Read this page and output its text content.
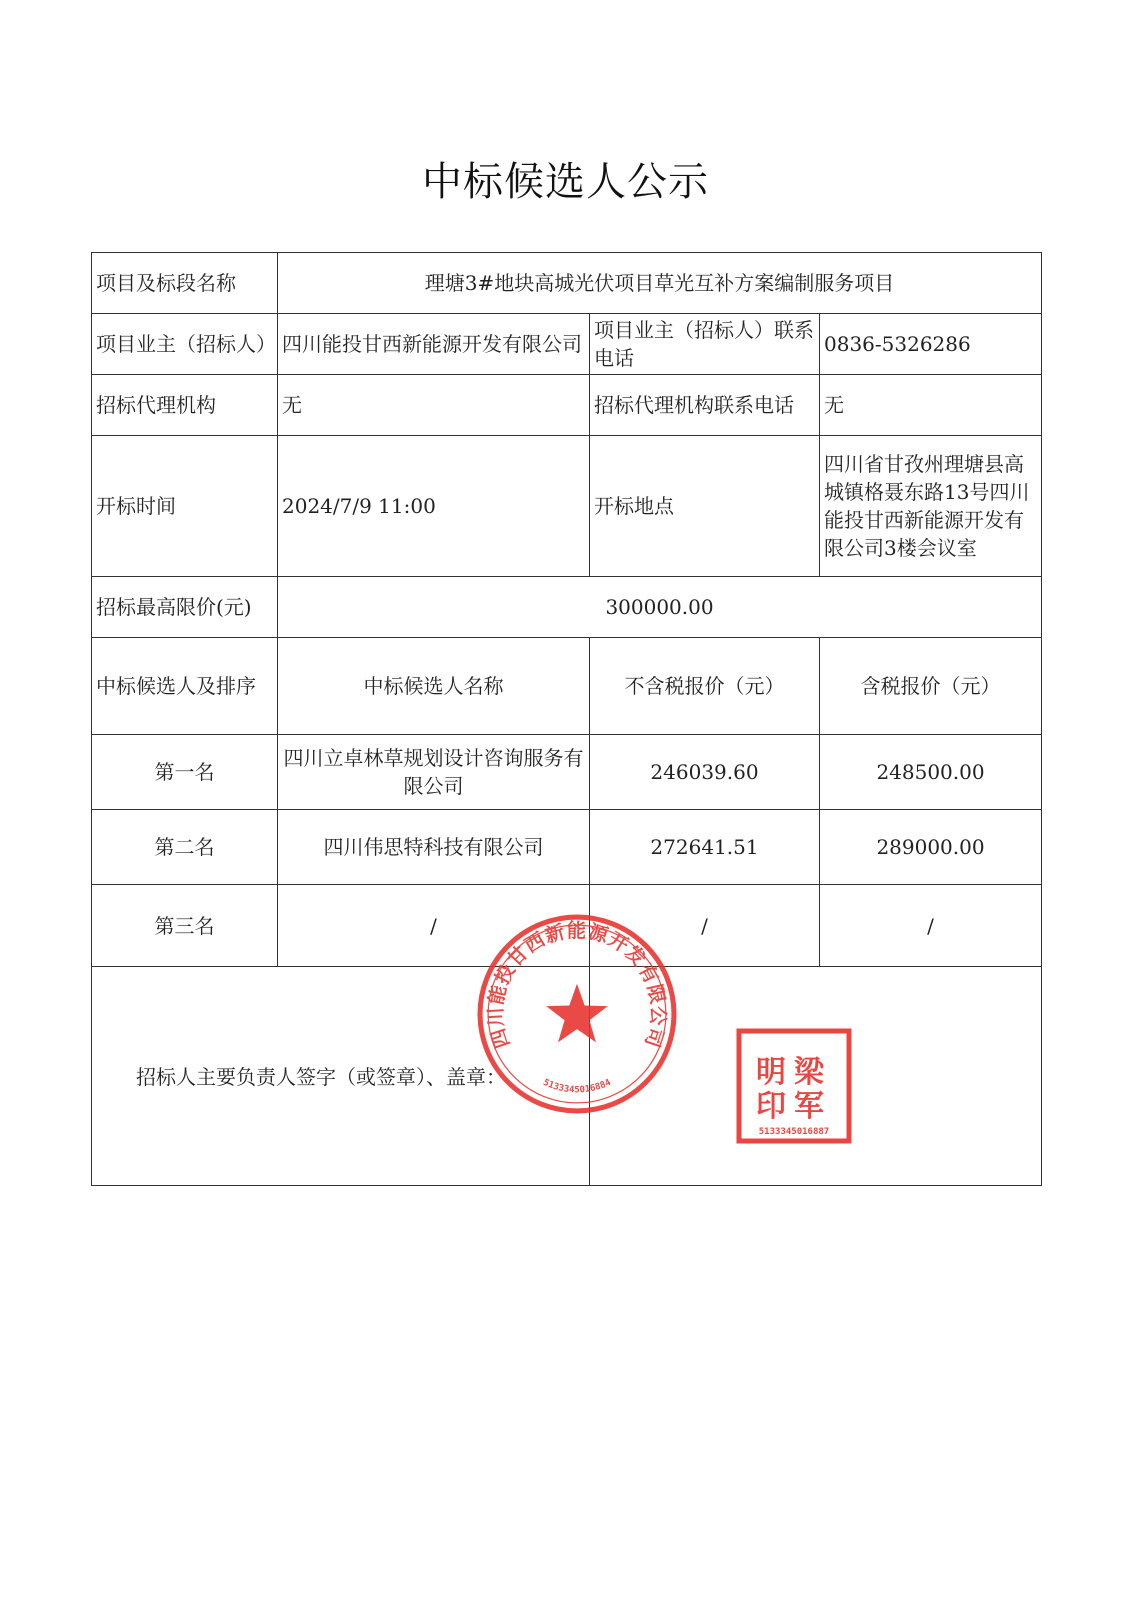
中标候选人公示
项目及标段名称	理塘3#地块高城光伏项目草光互补方案编制服务项目		
项目业主（招标人）	四川能投甘西新能源开发有限公司	项目业主（招标人）联系电话	0836-5326286
招标代理机构	无	招标代理机构联系电话	无
开标时间	2024/7/9 11:00	开标地点	四川省甘孜州理塘县高城镇格聂东路13号四川能投甘西新能源开发有限公司3楼会议室
招标最高限价(元)	300000.00		
中标候选人及排序	中标候选人名称	不含税报价（元）	含税报价（元）
第一名	四川立卓林草规划设计咨询服务有限公司	246039.60	248500.00
第二名	四川伟思特科技有限公司	272641.51	289000.00
第三名	/	/	/

招标人主要负责人签字（或签章）、盖章：			

四川能投甘西新能源开发有限公司
5133345016884	明梁
印军
5133345016887
